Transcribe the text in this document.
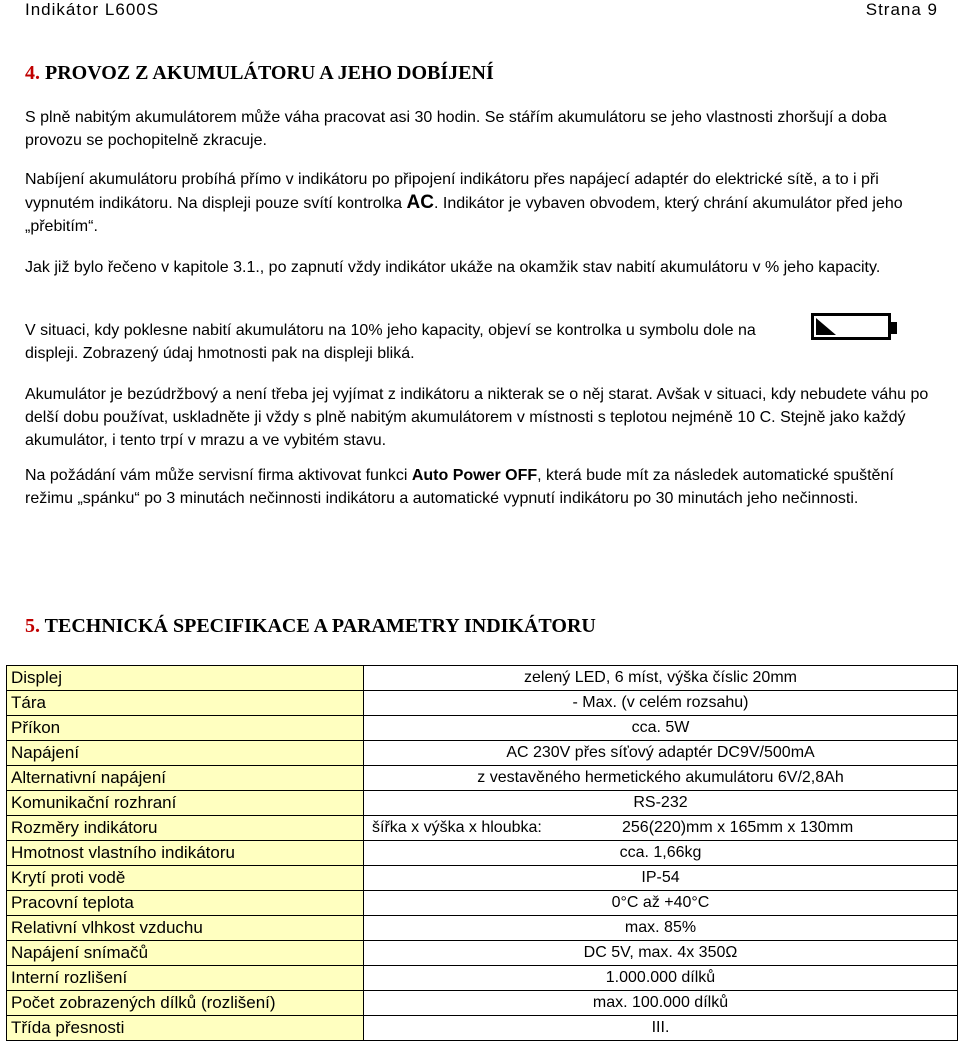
Indikátor L600S	Strana 9
4. PROVOZ Z AKUMULÁTORU A JEHO DOBÍJENÍ
S plně nabitým akumulátorem může váha pracovat asi 30 hodin. Se stářím akumulátoru se jeho vlastnosti zhoršují a doba provozu se pochopitelně zkracuje.
Nabíjení akumulátoru probíhá přímo v indikátoru po připojení indikátoru přes napájecí adaptér do elektrické sítě, a to i při vypnutém indikátoru. Na displeji pouze svítí kontrolka AC. Indikátor je vybaven obvodem, který chrání akumulátor před jeho „přebitím“.
Jak již bylo řečeno v kapitole 3.1., po zapnutí vždy indikátor ukáže na okamžik stav nabití akumulátoru v % jeho kapacity.
V situaci, kdy poklesne nabití akumulátoru na 10% jeho kapacity, objeví se kontrolka u symbolu dole na displeji. Zobrazený údaj hmotnosti pak na displeji bliká.
Akumulátor je bezúdržbový a není třeba jej vyjímat z indikátoru a nikterak se o něj starat. Avšak v situaci, kdy nebudete váhu po delší dobu používat, uskladněte ji vždy s plně nabitým akumulátorem v místnosti s teplotou nejméně 10 C. Stejně jako každý akumulátor, i tento trpí v mrazu a ve vybitém stavu.
Na požádání vám může servisní firma aktivovat funkci Auto Power OFF, která bude mít za následek automatické spuštění režimu „spánku“ po 3 minutách nečinnosti indikátoru a automatické vypnutí indikátoru po 30 minutách jeho nečinnosti.
5. TECHNICKÁ SPECIFIKACE A PARAMETRY INDIKÁTORU
Displej	zelený LED, 6 míst, výška číslic 20mm
Tára	- Max. (v celém rozsahu)
Příkon	cca. 5W
Napájení	AC 230V přes síťový adaptér DC9V/500mA
Alternativní napájení	z vestavěného hermetického akumulátoru 6V/2,8Ah
Komunikační rozhraní	RS-232
Rozměry indikátoru	šířka x výška x hloubka: 256(220)mm x 165mm x 130mm

Hmotnost vlastního indikátoru	cca. 1,66kg
Krytí proti vodě	IP-54
Pracovní teplota	0°C až +40°C
Relativní vlhkost vzduchu	max. 85%
Napájení snímačů	DC 5V, max. 4x 350Ω
Interní rozlišení	1.000.000 dílků
Počet zobrazených dílků (rozlišení)	max. 100.000 dílků
Třída přesnosti	III.
